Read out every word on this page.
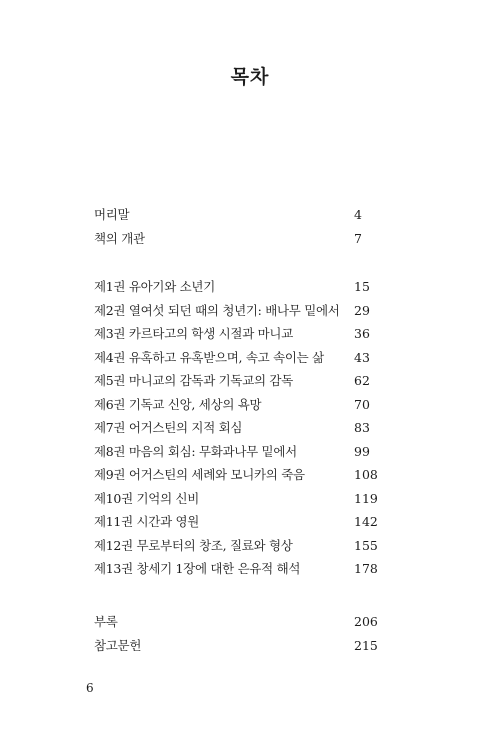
목차
머리말	4
책의 개관	7
제1권 유아기와 소년기	15
제2권 열여섯 되던 때의 청년기: 배나무 밑에서 29
제3권 카르타고의 학생 시절과 마니교	36
제4권 유혹하고 유혹받으며, 속고 속이는 삶 43
제5권 마니교의 감독과 기독교의 감독	62
제6권 기독교 신앙, 세상의 욕망	70
제7권 어거스틴의 지적 회심	83
제8권 마음의 회심: 무화과나무 밑에서	99
제9권 어거스틴의 세례와 모니카의 죽음	108
제10권 기억의 신비	119
제11권 시간과 영원	142
제12권 무로부터의 창조, 질료와 형상	155
제13권 창세기 1장에 대한 은유적 해석	178
부록	206
참고문헌	215
6
